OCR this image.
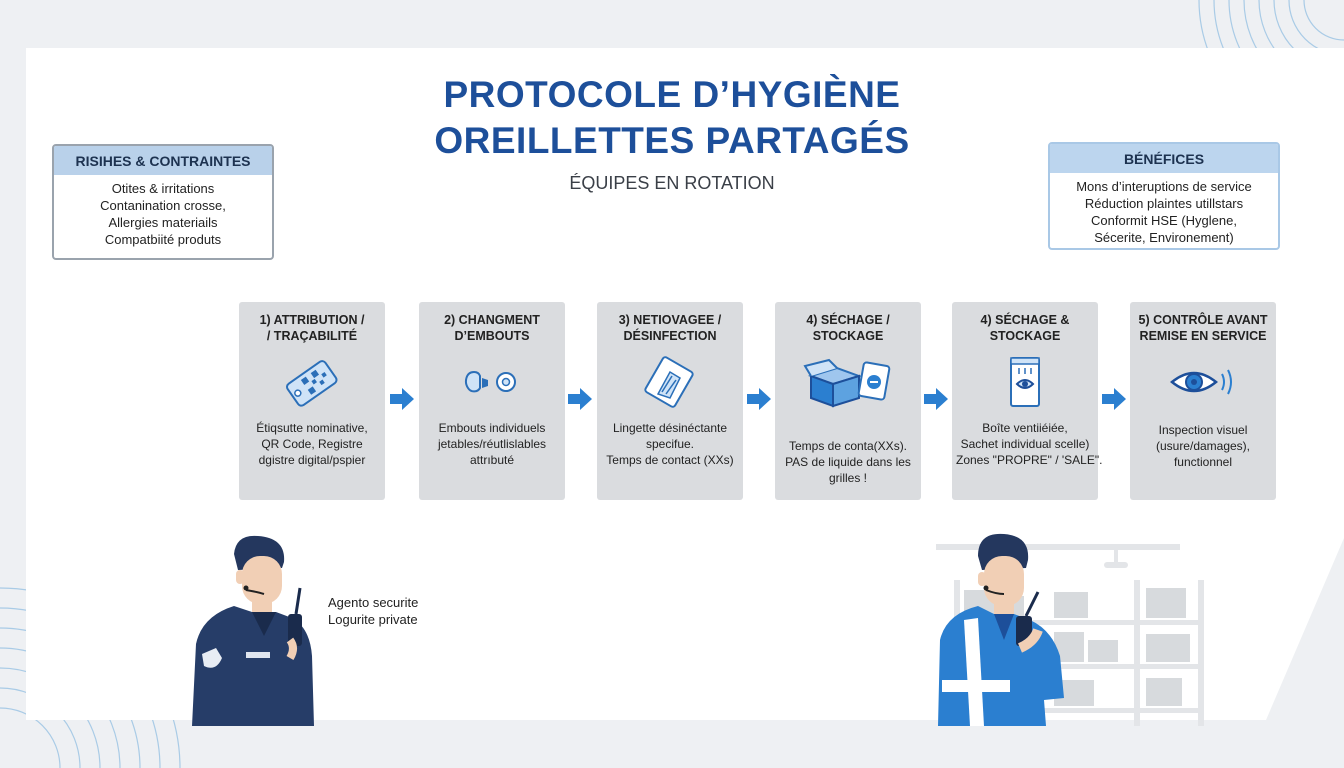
PROTOCOLE D’HYGIÈNE
OREILLETTES PARTAGÉS
ÉQUIPES EN ROTATION
RISIHES & CONTRAINTES
Otites & irritations
Contanination crosse,
Allergies materiails
Compatbiité produts
BÉNÉFICES
Mons d’interuptions de service
Réduction plaintes utillstars
Conformit HSE (Hyglene,
Sécerite, Environement)
1) ATTRIBUTION /
/ TRAÇABILITÉ
Étiqsutte nominative,
QR Code, Registre
dgistre digital/pspier
2) CHANGMENT
D’EMBOUTS
Embouts individuels
jetables/réutlislables
attrıbuté
3) NETIOVAGEE /
DÉSINFECTION
Lingette désinéctante
specifue.
Temps de contact (XXs)
4) SÉCHAGE /
STOCKAGE
Temps de conta(XXs).
PAS de liquide dans les
grilles !
4) SÉCHAGE &
STOCKAGE
Boîte ventiiéiée,
Sachet individual scelle)
Zones "PROPRE" / 'SALE".
5) CONTRÔLE AVANT
REMISE EN SERVICE
Inspection visuel
(usure/damages),
functionnel
Agento securite
Logurite private
